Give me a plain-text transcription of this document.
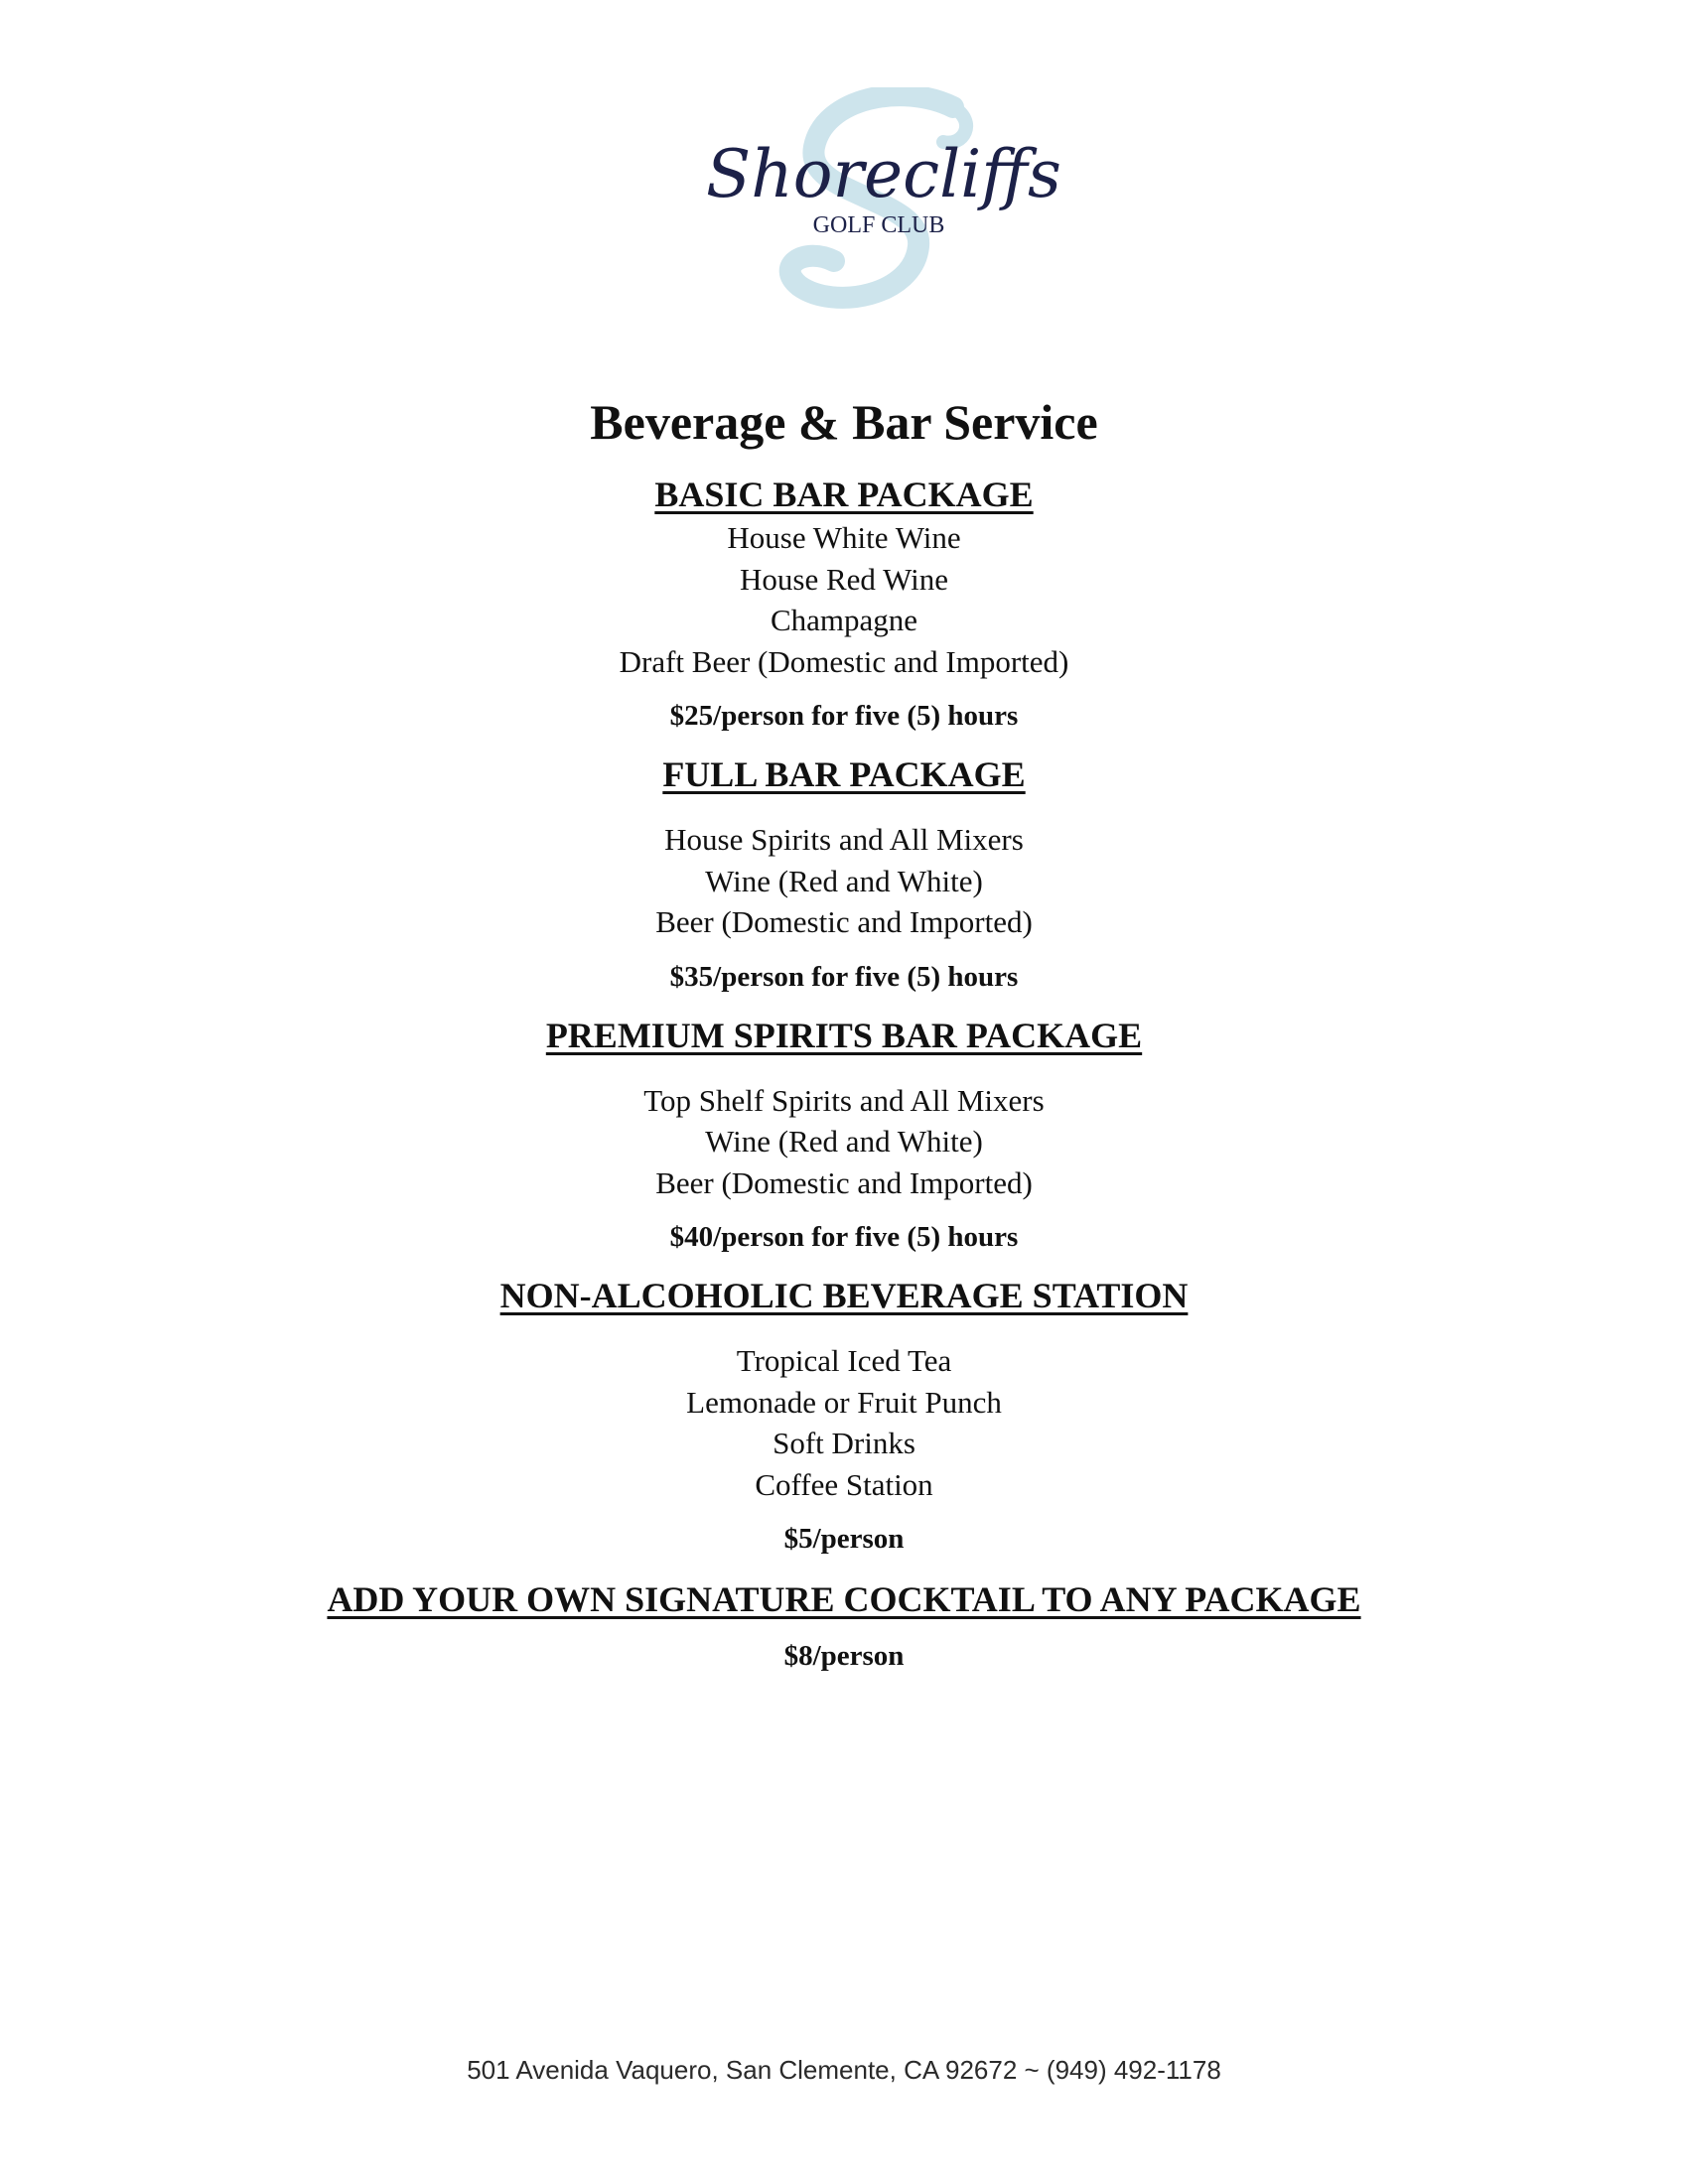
Shorecliffs
GOLF CLUB
Beverage & Bar Service
BASIC BAR PACKAGE

House White Wine

House Red Wine

Champagne

Draft Beer (Domestic and Imported)

$25/person for five (5) hours

FULL BAR PACKAGE

House Spirits and All Mixers

Wine (Red and White)

Beer (Domestic and Imported)

$35/person for five (5) hours

PREMIUM SPIRITS BAR PACKAGE

Top Shelf Spirits and All Mixers

Wine (Red and White)

Beer (Domestic and Imported)

$40/person for five (5) hours

NON-ALCOHOLIC BEVERAGE STATION

Tropical Iced Tea

Lemonade or Fruit Punch

Soft Drinks

Coffee Station

$5/person

ADD YOUR OWN SIGNATURE COCKTAIL TO ANY PACKAGE

$8/person

501 Avenida Vaquero, San Clemente, CA 92672 ~ (949) 492-1178
